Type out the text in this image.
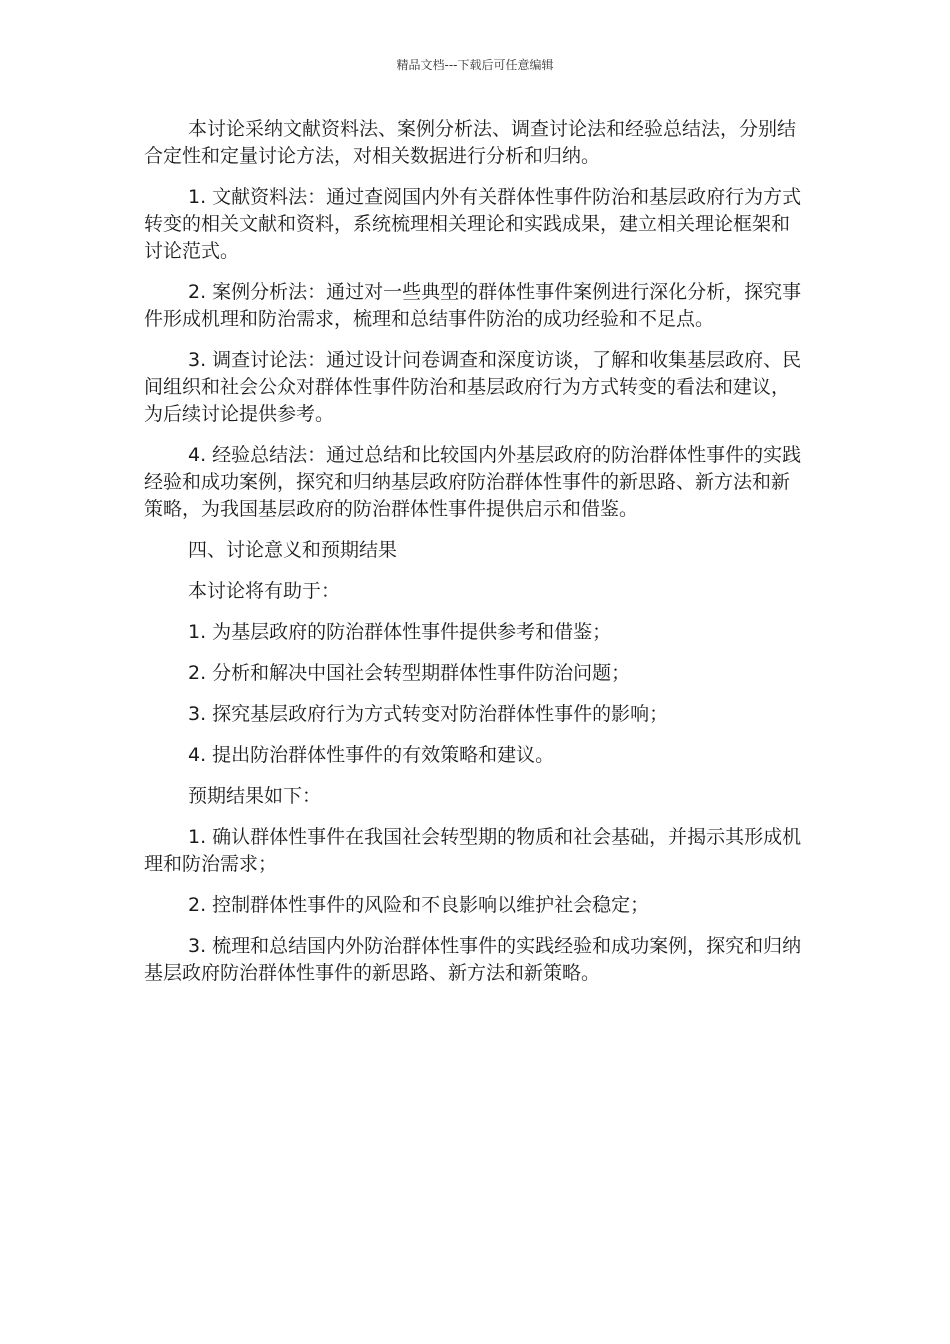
精品文档---下载后可任意编辑

本讨论采纳文献资料法、案例分析法、调查讨论法和经验总结法，分别结合定性和定量讨论方法，对相关数据进行分析和归纳。

1. 文献资料法：通过查阅国内外有关群体性事件防治和基层政府行为方式转变的相关文献和资料，系统梳理相关理论和实践成果，建立相关理论框架和讨论范式。

2. 案例分析法：通过对一些典型的群体性事件案例进行深化分析，探究事件形成机理和防治需求，梳理和总结事件防治的成功经验和不足点。

3. 调查讨论法：通过设计问卷调查和深度访谈，了解和收集基层政府、民间组织和社会公众对群体性事件防治和基层政府行为方式转变的看法和建议，为后续讨论提供参考。

4. 经验总结法：通过总结和比较国内外基层政府的防治群体性事件的实践经验和成功案例，探究和归纳基层政府防治群体性事件的新思路、新方法和新策略，为我国基层政府的防治群体性事件提供启示和借鉴。

四、讨论意义和预期结果

本讨论将有助于：

1. 为基层政府的防治群体性事件提供参考和借鉴；

2. 分析和解决中国社会转型期群体性事件防治问题；

3. 探究基层政府行为方式转变对防治群体性事件的影响；

4. 提出防治群体性事件的有效策略和建议。

预期结果如下：

1. 确认群体性事件在我国社会转型期的物质和社会基础，并揭示其形成机理和防治需求；

2. 控制群体性事件的风险和不良影响以维护社会稳定；

3. 梳理和总结国内外防治群体性事件的实践经验和成功案例，探究和归纳基层政府防治群体性事件的新思路、新方法和新策略。
